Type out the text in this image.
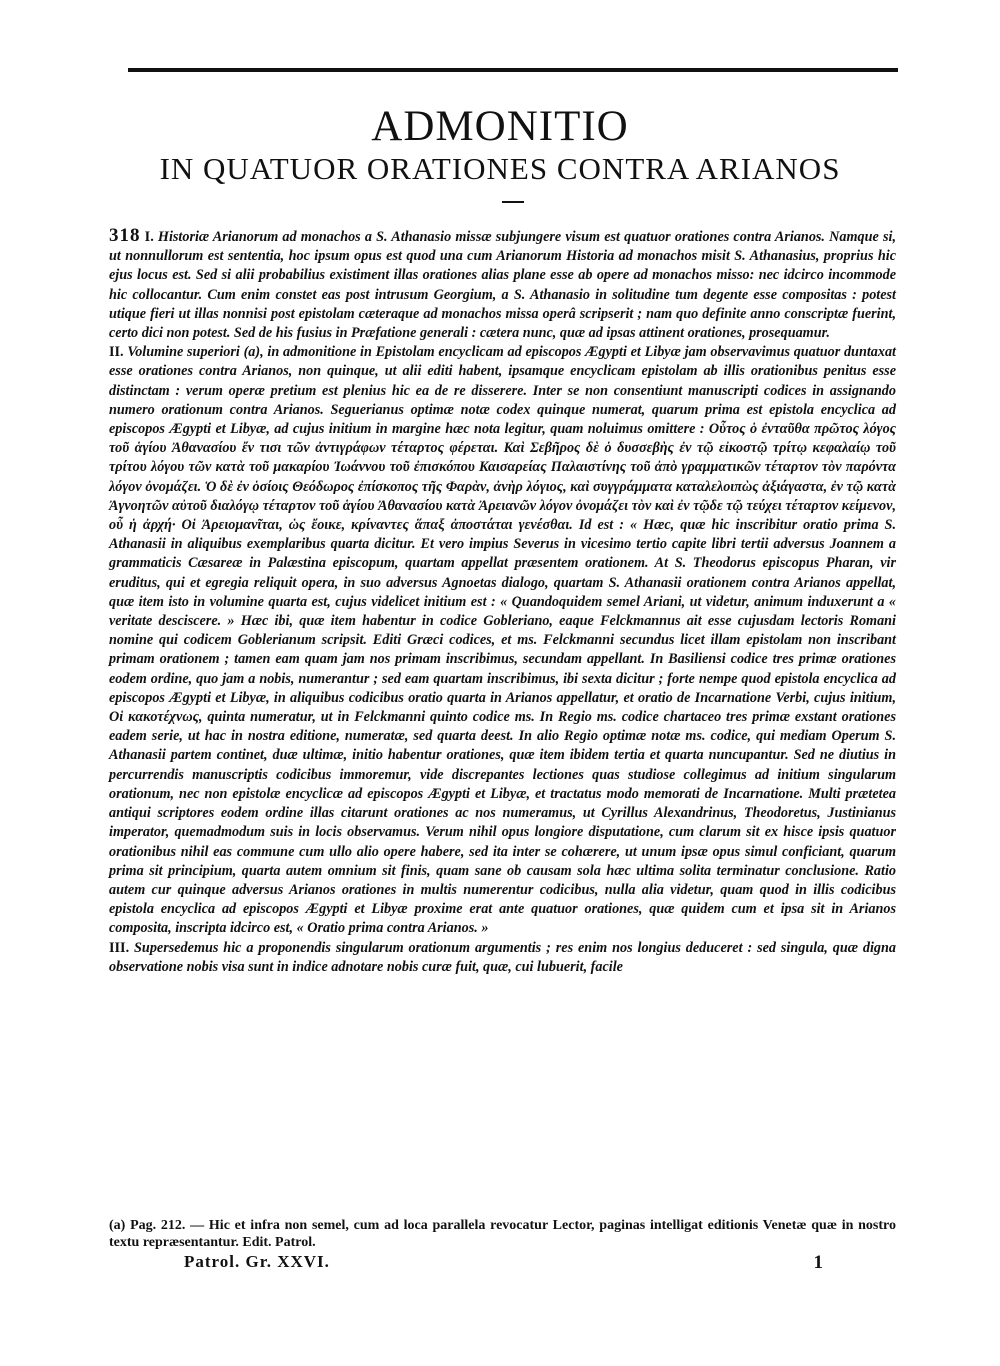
ADMONITIO
IN QUATUOR ORATIONES CONTRA ARIANOS

318 I. Historiæ Arianorum ad monachos a S. Athanasio missæ subjungere visum est quatuor orationes contra Arianos. Namque si, ut nonnullorum est sententia, hoc ipsum opus est quod una cum Arianorum Historia ad monachos misit S. Athanasius, proprius hic ejus locus est. Sed si alii probabilius existiment illas orationes alias plane esse ab opere ad monachos misso: nec idcirco incommode hic collocantur. Cum enim constet eas post intrusum Georgium, a S. Athanasio in solitudine tum degente esse compositas : potest utique fieri ut illas nonnisi post epistolam cæteraque ad monachos missa operâ scripserit ; nam quo definite anno conscriptæ fuerint, certo dici non potest. Sed de his fusius in Præfatione generali : cætera nunc, quæ ad ipsas attinent orationes, prosequamur.

II. Volumine superiori (a), in admonitione in Epistolam encyclicam ad episcopos Ægypti et Libyæ jam observavimus quatuor duntaxat esse orationes contra Arianos, non quinque, ut alii editi habent, ipsamque encyclicam epistolam ab illis orationibus penitus esse distinctam : verum operæ pretium est plenius hic ea de re disserere. Inter se non consentiunt manuscripti codices in assignando numero orationum contra Arianos. Seguerianus optimæ notæ codex quinque numerat, quarum prima est epistola encyclica ad episcopos Ægypti et Libyæ, ad cujus initium in margine hæc nota legitur, quam noluimus omittere : Οὗτος ὁ ἐνταῦθα πρῶτος λόγος τοῦ ἁγίου Ἀθανασίου ἔν τισι τῶν ἀντιγράφων τέταρτος φέρεται. Καὶ Σεβῆρος δὲ ὁ δυσσεβὴς ἐν τῷ εἰκοστῷ τρίτῳ κεφαλαίῳ τοῦ τρίτου λόγου τῶν κατὰ τοῦ μακαρίου Ἰωάννου τοῦ ἐπισκόπου Καισαρείας Παλαιστίνης τοῦ ἀπὸ γραμματικῶν τέταρτον τὸν παρόντα λόγον ὀνομάζει. Ὁ δὲ ἐν ὁσίοις Θεόδωρος ἐπίσκοπος τῆς Φαρὰν, ἀνὴρ λόγιος, καὶ συγγράμματα καταλελοιπὼς ἀξιάγαστα, ἐν τῷ κατὰ Ἀγνοητῶν αὐτοῦ διαλόγῳ τέταρτον τοῦ ἁγίου Ἀθανασίου κατὰ Ἀρειανῶν λόγον ὀνομάζει τὸν καὶ ἐν τῷδε τῷ τεύχει τέταρτον κείμενον, οὗ ἡ ἀρχή· Οἱ Ἀρειομανῖται, ὡς ἔοικε, κρίναντες ἅπαξ ἀποστάται γενέσθαι. Id est : « Hæc, quæ hic inscribitur oratio prima S. Athanasii in aliquibus exemplaribus quarta dicitur. Et vero impius Severus in vicesimo tertio capite libri tertii adversus Joannem a grammaticis Cæsareæ in Palæstina episcopum, quartam appellat præsentem orationem. At S. Theodorus episcopus Pharan, vir eruditus, qui et egregia reliquit opera, in suo adversus Agnoetas dialogo, quartam S. Athanasii orationem contra Arianos appellat, quæ item isto in volumine quarta est, cujus videlicet initium est : « Quandoquidem semel Ariani, ut videtur, animum induxerunt a « veritate desciscere. » Hæc ibi, quæ item habentur in codice Gobleriano, eaque Felckmannus ait esse cujusdam lectoris Romani nomine qui codicem Goblerianum scripsit. Editi Græci codices, et ms. Felckmanni secundus licet illam epistolam non inscribant primam orationem ; tamen eam quam jam nos primam inscribimus, secundam appellant. In Basiliensi codice tres primæ orationes eodem ordine, quo jam a nobis, numerantur ; sed eam quartam inscribimus, ibi sexta dicitur ; forte nempe quod epistola encyclica ad episcopos Ægypti et Libyæ, in aliquibus codicibus oratio quarta in Arianos appellatur, et oratio de Incarnatione Verbi, cujus initium, Οἱ κακοτέχνως, quinta numeratur, ut in Felckmanni quinto codice ms. In Regio ms. codice chartaceo tres primæ exstant orationes eadem serie, ut hac in nostra editione, numeratæ, sed quarta deest. In alio Regio optimæ notæ ms. codice, qui mediam Operum S. Athanasii partem continet, duæ ultimæ, initio habentur orationes, quæ item ibidem tertia et quarta nuncupantur. Sed ne diutius in percurrendis manuscriptis codicibus immoremur, vide discrepantes lectiones quas studiose collegimus ad initium singularum orationum, nec non epistolæ encyclicæ ad episcopos Ægypti et Libyæ, et tractatus modo memorati de Incarnatione. Multi prætetea antiqui scriptores eodem ordine illas citarunt orationes ac nos numeramus, ut Cyrillus Alexandrinus, Theodoretus, Justinianus imperator, quemadmodum suis in locis observamus. Verum nihil opus longiore disputatione, cum clarum sit ex hisce ipsis quatuor orationibus nihil eas commune cum ullo alio opere habere, sed ita inter se cohærere, ut unum ipsæ opus simul conficiant, quarum prima sit principium, quarta autem omnium sit finis, quam sane ob causam sola hæc ultima solita terminatur conclusione. Ratio autem cur quinque adversus Arianos orationes in multis numerentur codicibus, nulla alia videtur, quam quod in illis codicibus epistola encyclica ad episcopos Ægypti et Libyæ proxime erat ante quatuor orationes, quæ quidem cum et ipsa sit in Arianos composita, inscripta idcirco est, « Oratio prima contra Arianos. »

III. Supersedemus hic a proponendis singularum orationum argumentis ; res enim nos longius deduceret : sed singula, quæ digna observatione nobis visa sunt in indice adnotare nobis curæ fuit, quæ, cui lubuerit, facile

(a) Pag. 212. — Hic et infra non semel, cum ad loca parallela revocatur Lector, paginas intelligat editionis Venetæ quæ in nostro textu repræsentantur. Edit. Patrol.
Patrol. Gr. XXVI.	1
